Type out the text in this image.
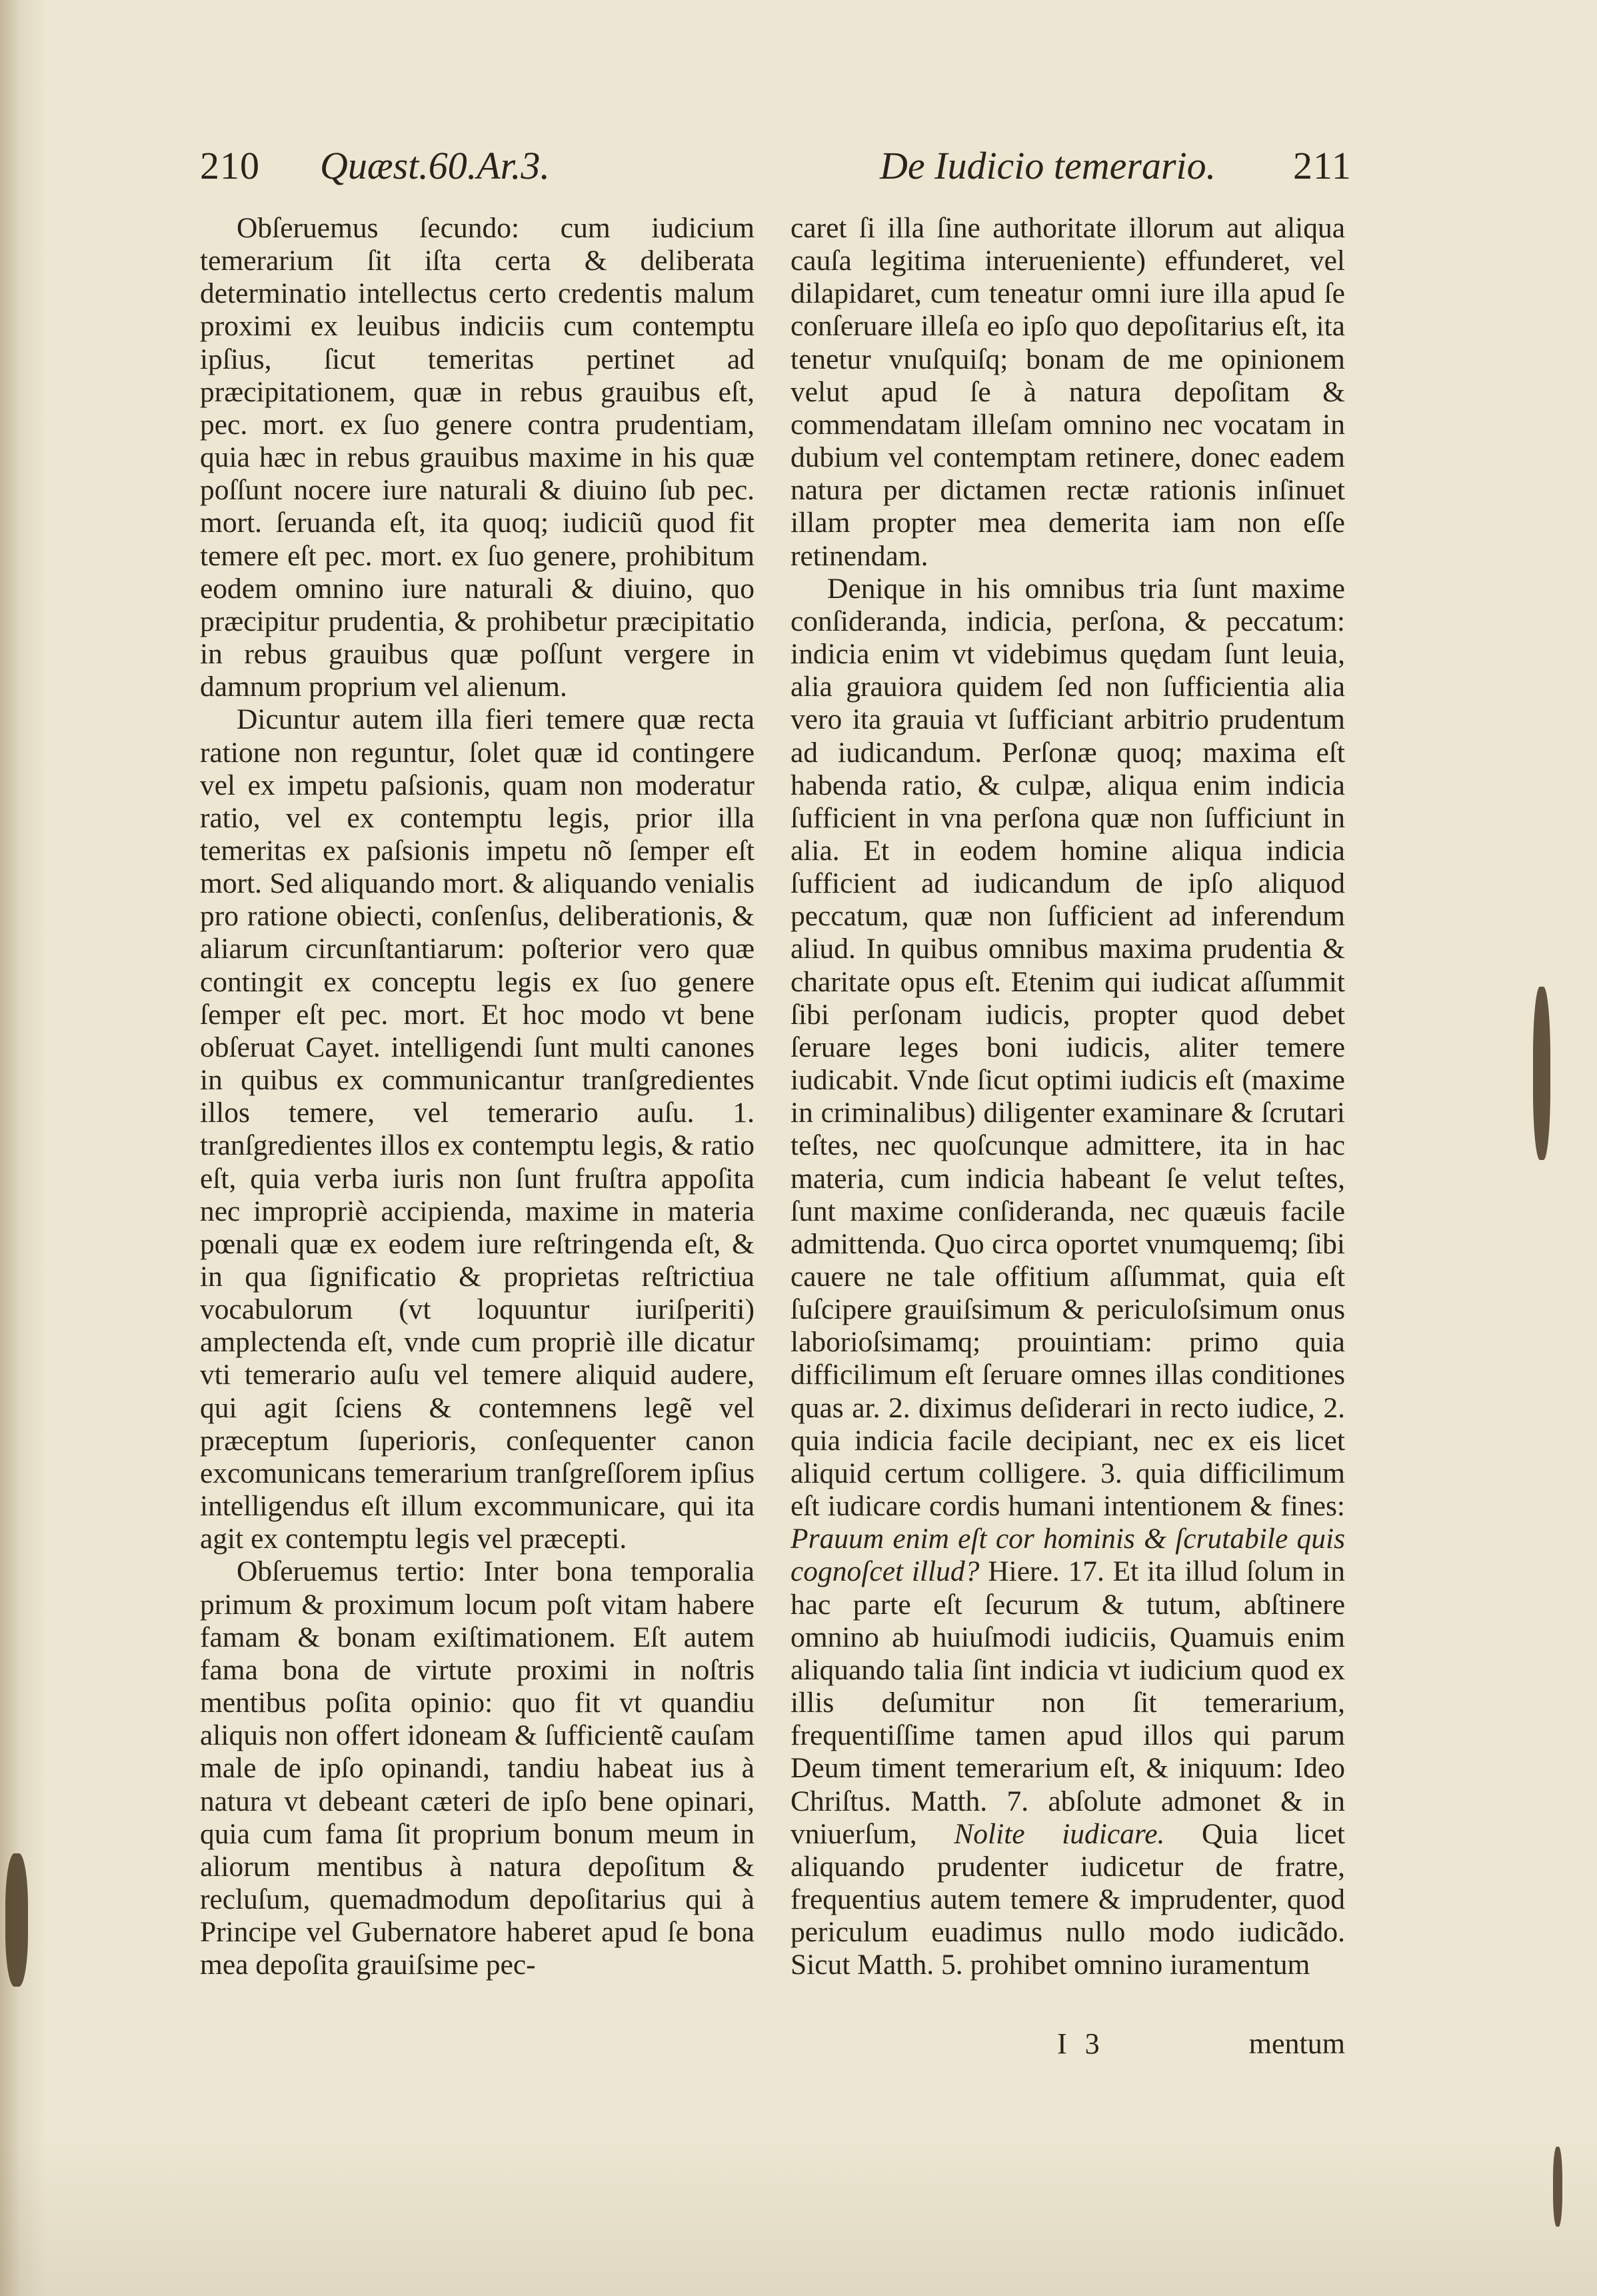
210 Quæst.60.Ar.3.	De Iudicio temerario. 211

Obſeruemus ſecundo: cum iudicium temerarium ſit iſta certa & deliberata determinatio intellectus certo credentis malum proximi ex leuibus indiciis cum contemptu ipſius, ſicut temeritas pertinet ad præcipitationem, quæ in rebus grauibus eſt, pec. mort. ex ſuo genere contra prudentiam, quia hæc in rebus grauibus maxime in his quæ poſſunt nocere iure naturali & diuino ſub pec. mort. ſeruanda eſt, ita quoq; iudiciũ quod fit temere eſt pec. mort. ex ſuo genere, prohibitum eodem omnino iure naturali & diuino, quo præcipitur prudentia, & prohibetur præcipitatio in rebus grauibus quæ poſſunt vergere in damnum proprium vel alienum.

Dicuntur autem illa fieri temere quæ recta ratione non reguntur, ſolet quæ id contingere vel ex impetu paſsionis, quam non moderatur ratio, vel ex contemptu legis, prior illa temeritas ex paſsionis impetu nõ ſemper eſt mort. Sed aliquando mort. & aliquando venialis pro ratione obiecti, conſenſus, deliberationis, & aliarum circunſtantiarum: poſterior vero quæ contingit ex conceptu legis ex ſuo genere ſemper eſt pec. mort. Et hoc modo vt bene obſeruat Cayet. intelligendi ſunt multi canones in quibus ex communicantur tranſgredientes illos temere, vel temerario auſu. 1. tranſgredientes illos ex contemptu legis, & ratio eſt, quia verba iuris non ſunt fruſtra appoſita nec impropriè accipienda, maxime in materia pœnali quæ ex eodem iure reſtringenda eſt, & in qua ſignificatio & proprietas reſtrictiua vocabulorum (vt loquuntur iuriſperiti) amplectenda eſt, vnde cum propriè ille dicatur vti temerario auſu vel temere aliquid audere, qui agit ſciens & contemnens legẽ vel præceptum ſuperioris, conſequenter canon excomunicans temerarium tranſgreſſorem ipſius intelligendus eſt illum excommunicare, qui ita agit ex contemptu legis vel præcepti.

Obſeruemus tertio: Inter bona temporalia primum & proximum locum poſt vitam habere famam & bonam exiſtimationem. Eſt autem fama bona de virtute proximi in noſtris mentibus poſita opinio: quo fit vt quandiu aliquis non offert idoneam & ſufficientẽ cauſam male de ipſo opinandi, tandiu habeat ius à natura vt debeant cæteri de ipſo bene opinari, quia cum fama ſit proprium bonum meum in aliorum mentibus à natura depoſitum & recluſum, quemadmodum depoſitarius qui à Principe vel Gubernatore haberet apud ſe bona mea depoſita grauiſsime pec-

caret ſi illa ſine authoritate illorum aut aliqua cauſa legitima interueniente) effunderet, vel dilapidaret, cum teneatur omni iure illa apud ſe conſeruare illeſa eo ipſo quo depoſitarius eſt, ita tenetur vnuſquiſq; bonam de me opinionem velut apud ſe à natura depoſitam & commendatam illeſam omnino nec vocatam in dubium vel contemptam retinere, donec eadem natura per dictamen rectæ rationis inſinuet illam propter mea demerita iam non eſſe retinendam.

Denique in his omnibus tria ſunt maxime conſideranda, indicia, perſona, & peccatum: indicia enim vt videbimus quędam ſunt leuia, alia grauiora quidem ſed non ſufficientia alia vero ita grauia vt ſufficiant arbitrio prudentum ad iudicandum. Perſonæ quoq; maxima eſt habenda ratio, & culpæ, aliqua enim indicia ſufficient in vna perſona quæ non ſufficiunt in alia. Et in eodem homine aliqua indicia ſufficient ad iudicandum de ipſo aliquod peccatum, quæ non ſufficient ad inferendum aliud. In quibus omnibus maxima prudentia & charitate opus eſt. Etenim qui iudicat aſſummit ſibi perſonam iudicis, propter quod debet ſeruare leges boni iudicis, aliter temere iudicabit. Vnde ſicut optimi iudicis eſt (maxime in criminalibus) diligenter examinare & ſcrutari teſtes, nec quoſcunque admittere, ita in hac materia, cum indicia habeant ſe velut teſtes, ſunt maxime conſideranda, nec quæuis facile admittenda. Quo circa oportet vnumquemq; ſibi cauere ne tale offitium aſſummat, quia eſt ſuſcipere grauiſsimum & periculoſsimum onus laborioſsimamq; prouintiam: primo quia difficilimum eſt ſeruare omnes illas conditiones quas ar. 2. diximus deſiderari in recto iudice, 2. quia indicia facile decipiant, nec ex eis licet aliquid certum colligere. 3. quia difficilimum eſt iudicare cordis humani intentionem & fines: Prauum enim eſt cor hominis & ſcrutabile quis cognoſcet illud? Hiere. 17. Et ita illud ſolum in hac parte eſt ſecurum & tutum, abſtinere omnino ab huiuſmodi iudiciis, Quamuis enim aliquando talia ſint indicia vt iudicium quod ex illis deſumitur non ſit temerarium, frequentiſſime tamen apud illos qui parum Deum timent temerarium eſt, & iniquum: Ideo Chriſtus. Matth. 7. abſolute admonet & in vniuerſum, Nolite iudicare. Quia licet aliquando prudenter iudicetur de fratre, frequentius autem temere & imprudenter, quod periculum euadimus nullo modo iudicãdo. Sicut Matth. 5. prohibet omnino iuramentum

I 3	mentum
